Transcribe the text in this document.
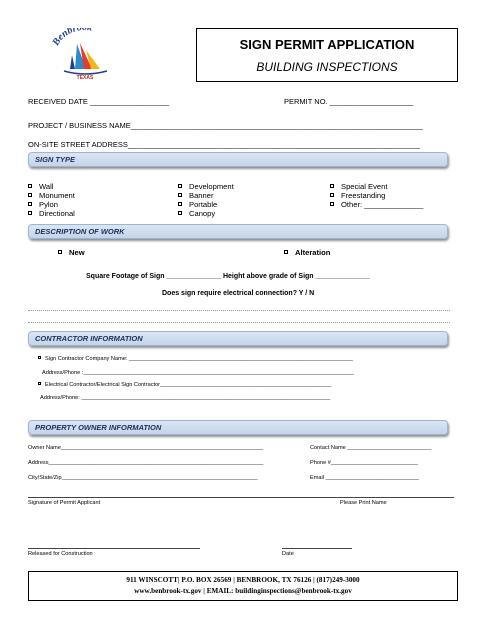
Benbr
TEXAS
SIGN PERMIT APPLICATION
BUILDING INSPECTIONS
RECEIVED DATE ___________________	PERMIT NO. ____________________
PROJECT / BUSINESS NAME______________________________________________________________________
ON-SITE STREET ADDRESS______________________________________________________________________
SIGN TYPE
Wall
Monument
Pylon
Directional
Development
Banner
Portable
Canopy
Special Event
Freestanding
Other: ______________
DESCRIPTION OF WORK
New	Alteration
Square Footage of Sign ______________ Height above grade of Sign ______________
Does sign require electrical connection? Y / N
CONTRACTOR INFORMATION
Sign Contractor Company Name: ________________________________________________________________________
Address/Phone :_______________________________________________________________________________________
Electrical Contractor/Electrical Sign Contractor_______________________________________________________
Address/Phone: ________________________________________________________________________________
PROPERTY OWNER INFORMATION
Owner Name_________________________________________________________________
Address_____________________________________________________________________
City/State/Zip_______________________________________________________________
Contact Name ___________________________
Phone #____________________________
Email ______________________________
Signature of Permit Applicant	Please Print Name
Released for Construction	Date
911 WINSCOTT| P.O. BOX 26569 | BENBROOK, TX 76126 | (817)249-3000
www.benbrook-tx.gov | EMAIL: buildinginspections@benbrook-tx.gov
